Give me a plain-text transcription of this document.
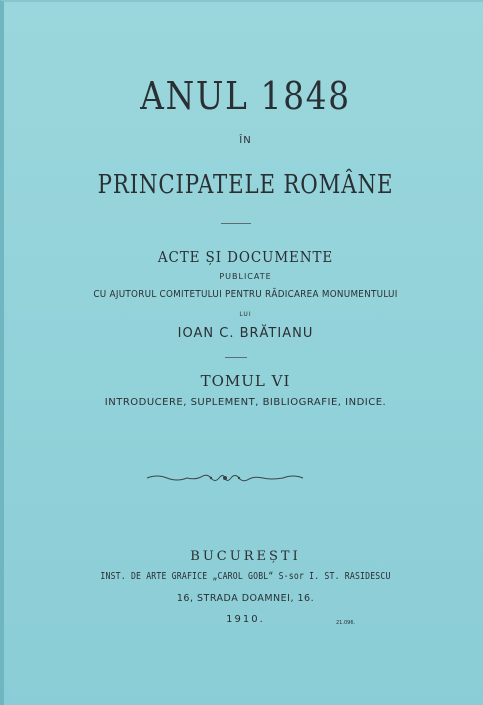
ANUL 1848
ÎN
PRINCIPATELE ROMÂNE
ACTE ȘI DOCUMENTE
PUBLICATE
CU AJUTORUL COMITETULUI PENTRU RĂDICAREA MONUMENTULUI
LUI
IOAN C. BRĂTIANU
TOMUL VI
INTRODUCERE, SUPLEMENT, BIBLIOGRAFIE, INDICE.
BUCUREȘTI
INST. DE ARTE GRAFICE „CAROL GÖBL“ S-sor I. ST. RASIDESCU
16, STRADA DOAMNEI, 16.
1910.	21.096.
